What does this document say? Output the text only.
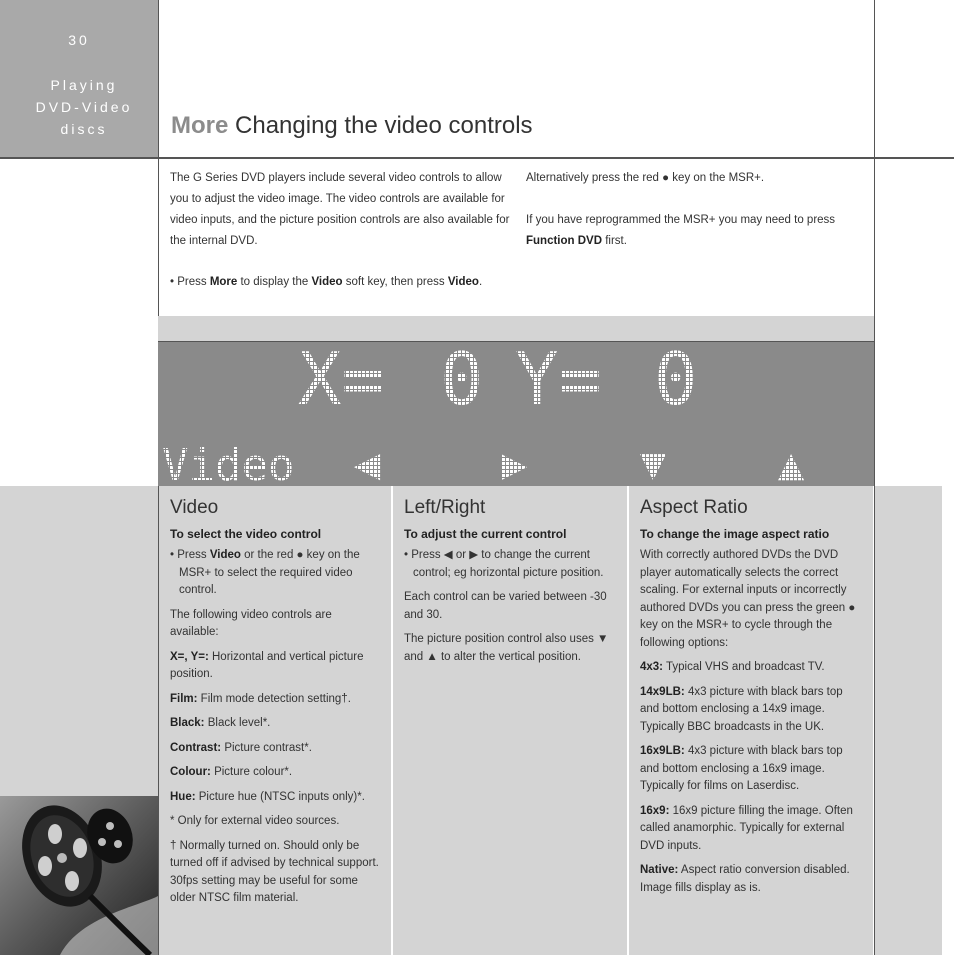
30
Playing
DVD-Video
discs	More Changing the video controls
The G Series DVD players include several video controls to allow you to adjust the video image. The video controls are available for video inputs, and the picture position controls are also available for the internal DVD.
• Press More to display the Video soft key, then press Video.
Alternatively press the red ● key on the MSR+.
If you have reprogrammed the MSR+ you may need to press Function DVD first.
Video
To select the video control

• Press Video or the red ● key on the MSR+ to select the required video control.

The following video controls are available:

X=, Y=: Horizontal and vertical picture position.

Film: Film mode detection setting†.

Black: Black level*.

Contrast: Picture contrast*.

Colour: Picture colour*.

Hue: Picture hue (NTSC inputs only)*.

* Only for external video sources.

† Normally turned on. Should only be turned off if advised by technical support. 30fps setting may be useful for some older NTSC film material.

Left/Right
To adjust the current control

• Press ◀ or ▶ to change the current control; eg horizontal picture position.

Each control can be varied between -30 and 30.

The picture position control also uses ▼ and ▲ to alter the vertical position.

Aspect Ratio
To change the image aspect ratio

With correctly authored DVDs the DVD player automatically selects the correct scaling. For external inputs or incorrectly authored DVDs you can press the green ● key on the MSR+ to cycle through the following options:

4x3: Typical VHS and broadcast TV.

14x9LB: 4x3 picture with black bars top and bottom enclosing a 14x9 image. Typically BBC broadcasts in the UK.

16x9LB: 4x3 picture with black bars top and bottom enclosing a 16x9 image. Typically for films on Laserdisc.

16x9: 16x9 picture filling the image. Often called anamorphic. Typically for external DVD inputs.

Native: Aspect ratio conversion disabled. Image fills display as is.
